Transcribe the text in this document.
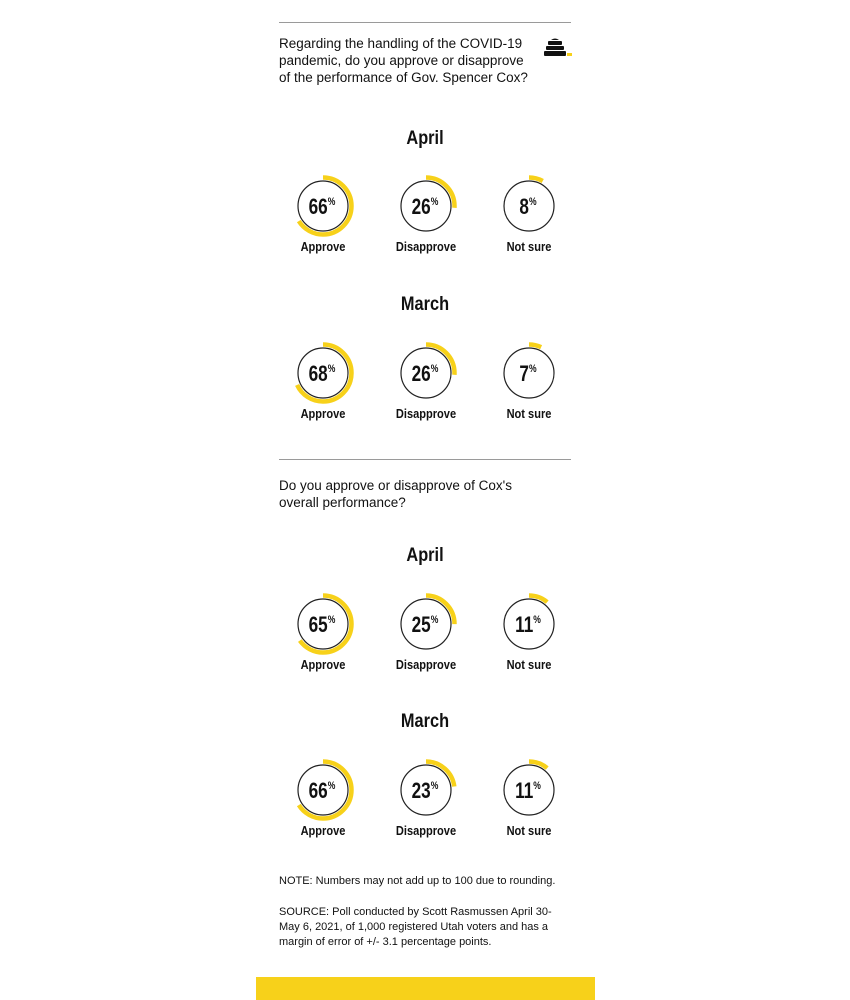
Regarding the handling of the COVID-19 pandemic, do you approve or disapprove of the performance of Gov. Spencer Cox?
April
66%
Approve
26%
Disapprove
8%
Not sure
March
68%
Approve
26%
Disapprove
7%
Not sure
Do you approve or disapprove of Cox's overall performance?
April
65%
Approve
25%
Disapprove
11%
Not sure
March
66%
Approve
23%
Disapprove
11%
Not sure
NOTE: Numbers may not add up to 100 due to rounding.
SOURCE: Poll conducted by Scott Rasmussen April 30-May 6, 2021, of 1,000 registered Utah voters and has a margin of error of +/- 3.1 percentage points.
